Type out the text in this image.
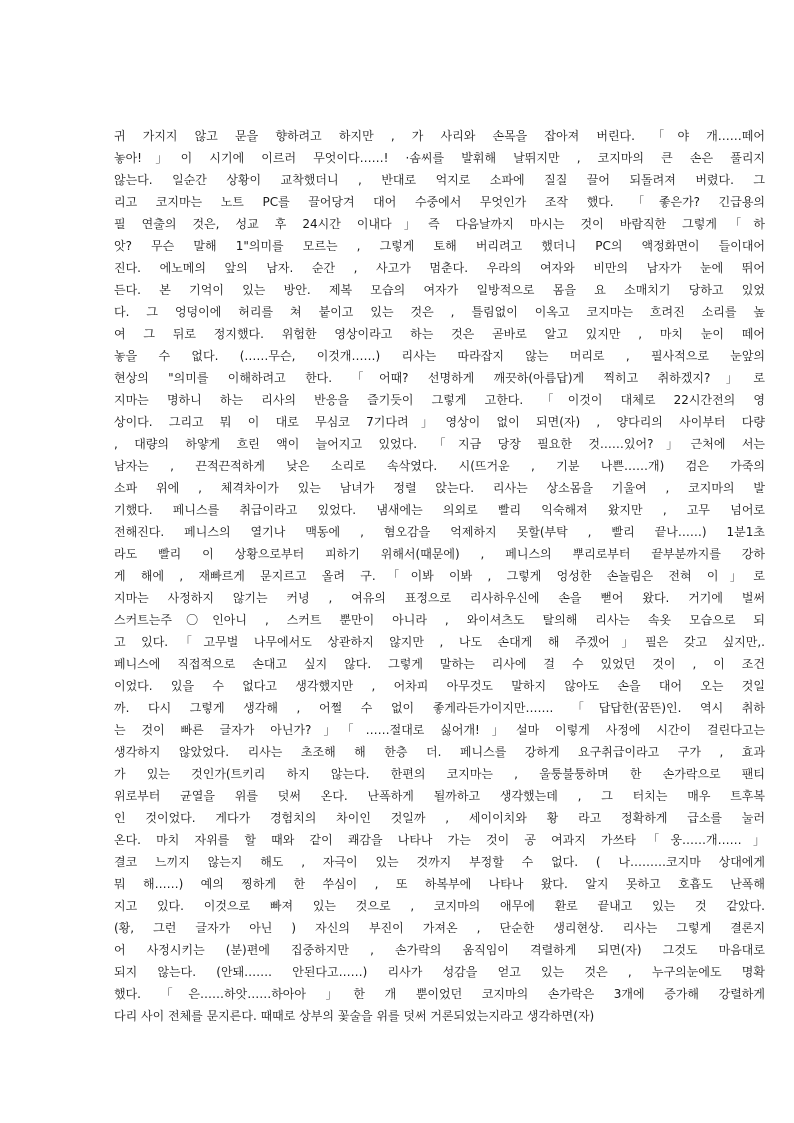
귀 가지지 않고 문을 향하려고 하지만 , 가 사리와 손목을 잡아져 버린다. 「야 개……떼어
놓아!」이 시기에 이르러 무엇이다……! ·솜씨를 발휘해 날뛰지만 , 코지마의 큰 손은 풀리지
않는다. 일순간 상황이 교착했더니 , 반대로 억지로 소파에 질질 끌어 되돌려져 버렸다. 그
리고 코지마는 노트 PC를 끌어당겨 대어 수중에서 무엇인가 조작 했다. 「좋은가? 긴급용의
필 연출의 것은, 성교 후 24시간 이내다」즉 다음날까지 마시는 것이 바람직한 그렇게「하
앗? 무슨 말해 1"의미를 모르는 , 그렇게 토해 버리려고 했더니 PC의 액정화면이 들이대어
진다. 에노메의 앞의 남자. 순간 , 사고가 멈춘다. 우라의 여자와 비만의 남자가 눈에 뛰어
든다. 본 기억이 있는 방안. 제복 모습의 여자가 일방적으로 몸을 요 소매치기 당하고 있었
다. 그 엉덩이에 허리를 쳐 붙이고 있는 것은 , 틀림없이 이옥고 코지마는 흐려진 소리를 높
여 그 뒤로 정지했다. 위험한 영상이라고 하는 것은 곧바로 알고 있지만 , 마치 눈이 떼어
놓을 수 없다. (……무슨, 이것개……) 리사는 따라잡지 않는 머리로 , 필사적으로 눈앞의
현상의 "의미를 이해하려고 한다. 「어때? 선명하게 깨끗하(아름답)게 찍히고 취하겠지?」로
지마는 명하니 하는 리사의 반응을 즐기듯이 그렇게 고한다. 「이것이 대체로 22시간전의 영
상이다. 그리고 뭐 이 대로 무심코 7기다려」영상이 없이 되면(자) , 양다리의 사이부터 다량
, 대량의 하얗게 흐린 액이 늘어지고 있었다. 「지금 당장 필요한 것……있어?」근처에 서는
남자는 , 끈적끈적하게 낮은 소리로 속삭였다. 시(뜨거운 , 기분 나쁜……개) 검은 가죽의
소파 위에 , 체격차이가 있는 남녀가 정렬 앉는다. 리사는 상소몸을 기울여 , 코지마의 발
기했다. 페니스를 취급이라고 있었다. 냄새에는 의외로 빨리 익숙해져 왔지만 , 고무 넘어로
전해진다. 페니스의 열기나 맥동에 , 혐오감을 억제하지 못할(부탁 , 빨리 끝나……) 1분1초
라도 빨리 이 상황으로부터 피하기 위해서(때문에) , 페니스의 뿌리로부터 끝부분까지를 강하
게 해에 , 재빠르게 문지르고 올려 구.「이봐 이봐 , 그렇게 엉성한 손놀림은 전혀 이」로
지마는 사정하지 않기는 커녕 , 여유의 표정으로 리사하우신에 손을 뻗어 왔다. 거기에 벌써
스커트는주〇인아니 , 스커트 뿐만이 아니라 , 와이셔츠도 탈의해 리사는 속옷 모습으로 되
고 있다.「고무벌 나무에서도 상관하지 않지만 , 나도 손대게 해 주겠어」필은 갖고 싶지만,.
페니스에 직접적으로 손대고 싶지 않다. 그렇게 말하는 리사에 걸 수 있었던 것이 , 이 조건
이었다. 있을 수 없다고 생각했지만 , 어차피 아무것도 말하지 않아도 손을 대어 오는 것일
까. 다시 그렇게 생각해 , 어쩔 수 없이 좋게라든가이지만……. 「답답한(꿈뜬)인. 역시 취하
는 것이 빠른 글자가 아닌가?」「……절대로 싫어개!」설마 이렇게 사정에 시간이 걸린다고는
생각하지 않았었다. 리사는 초조해 해 한층 더. 페니스를 강하게 요구취급이라고 구가 , 효과
가 있는 것인가(트키리 하지 않는다. 한편의 코지마는 , 울퉁불퉁하며 한 손가락으로 팬티
위로부터 균열을 위를 덧써 온다. 난폭하게 될까하고 생각했는데 , 그 터치는 매우 트후복
인 것이었다. 게다가 경험치의 차이인 것일까 , 세이이치와 황 라고 정확하게 급소를 눌러
온다. 마치 자위를 할 때와 같이 쾌감을 나타나 가는 것이 공 여과지 가쓰타「웅……개……」
결코 느끼지 않는지 해도 , 자극이 있는 것까지 부정할 수 없다. ( 나………코지마 상대에게
뭐 해……) 예의 찡하게 한 쑤심이 , 또 하복부에 나타나 왔다. 알지 못하고 호흡도 난폭해
지고 있다. 이것으로 빠져 있는 것으로 , 코지마의 애무에 환로 끝내고 있는 것 같았다.
(황, 그런 글자가 아닌 ) 자신의 부진이 가져온 , 단순한 생리현상. 리사는 그렇게 결론지
어 사정시키는 (분)편에 집중하지만 , 손가락의 움직임이 격렬하게 되면(자) 그것도 마음대로
되지 않는다. (안돼……. 안된다고……) 리사가 성감을 얻고 있는 것은 , 누구의눈에도 명확
했다. 「은……하앗……하아아 」한 개 뿐이었던 코지마의 손가락은 3개에 증가해 강렬하게
다리 사이 전체를 문지른다. 때때로 상부의 꽃술을 위를 덧써 거론되었는지라고 생각하면(자)
